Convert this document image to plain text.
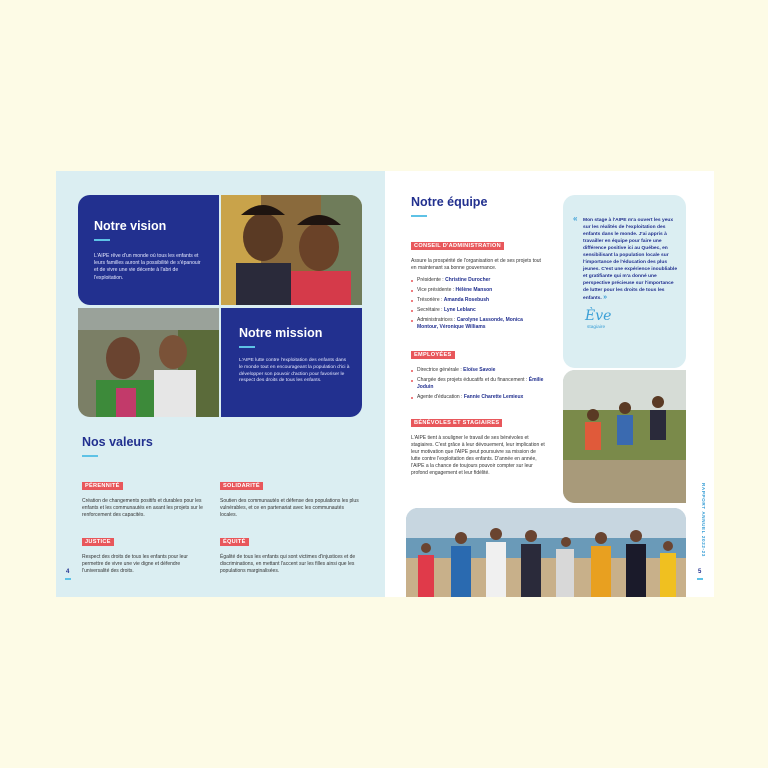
Notre vision
L'AIPE rêve d'un monde où tous les enfants et leurs familles auront la possibilité de s'épanouir et de vivre une vie décente à l'abri de l'exploitation.
Notre mission
L'AIPE lutte contre l'exploitation des enfants dans le monde tout en encourageant la population d'ici à développer son pouvoir d'action pour favoriser le respect des droits de tous les enfants.
Nos valeurs
PÉRENNITÉ
Création de changements positifs et durables pour les enfants et les communautés en axant les projets sur le renforcement des capacités.
SOLIDARITÉ
Soutien des communautés et défense des populations les plus vulnérables, et ce en partenariat avec les communautés locales.
JUSTICE
Respect des droits de tous les enfants pour leur permettre de vivre une vie digne et défendre l'universalité des droits.
ÉQUITÉ
Égalité de tous les enfants qui sont victimes d'injustices et de discriminations, en mettant l'accent sur les filles ainsi que les populations marginalisées.
4
Notre équipe
CONSEIL D'ADMINISTRATION
Assure la prospérité de l'organisation et de ses projets tout en maintenant sa bonne gouvernance.
Présidente : Christine Durocher
Vice présidente : Hélène Manson
Trésorière : Amanda Rosebush
Secrétaire : Lyne Leblanc
Administratrices : Carolyne Lassonde, Monica Montour, Véronique Williams
EMPLOYÉES
Directrice générale : Eloïse Savoie
Chargée des projets éducatifs et du financement : Émilie Joduin
Agente d'éducation : Fannie Charette Lemieux
BÉNÉVOLES ET STAGIAIRES
L'AIPE tient à souligner le travail de ses bénévoles et stagiaires. C'est grâce à leur dévouement, leur implication et leur motivation que l'AIPE peut poursuivre sa mission de lutte contre l'exploitation des enfants. D'année en année, l'AIPE a la chance de toujours pouvoir compter sur leur profond engagement et leur fidélité.
« Mon stage à l'AIPE m'a ouvert les yeux sur les réalités de l'exploitation des enfants dans le monde. J'ai appris à travailler en équipe pour faire une différence positive ici au Québec, en sensibilisant la population locale sur l'importance de l'éducation des plus jeunes. C'est une expérience inoubliable et gratifiante qui m'a donné une perspective précieuse sur l'importance de lutter pour les droits de tous les enfants. »
Ève
stagiaire
RAPPORT ANNUEL 2022-23
5
